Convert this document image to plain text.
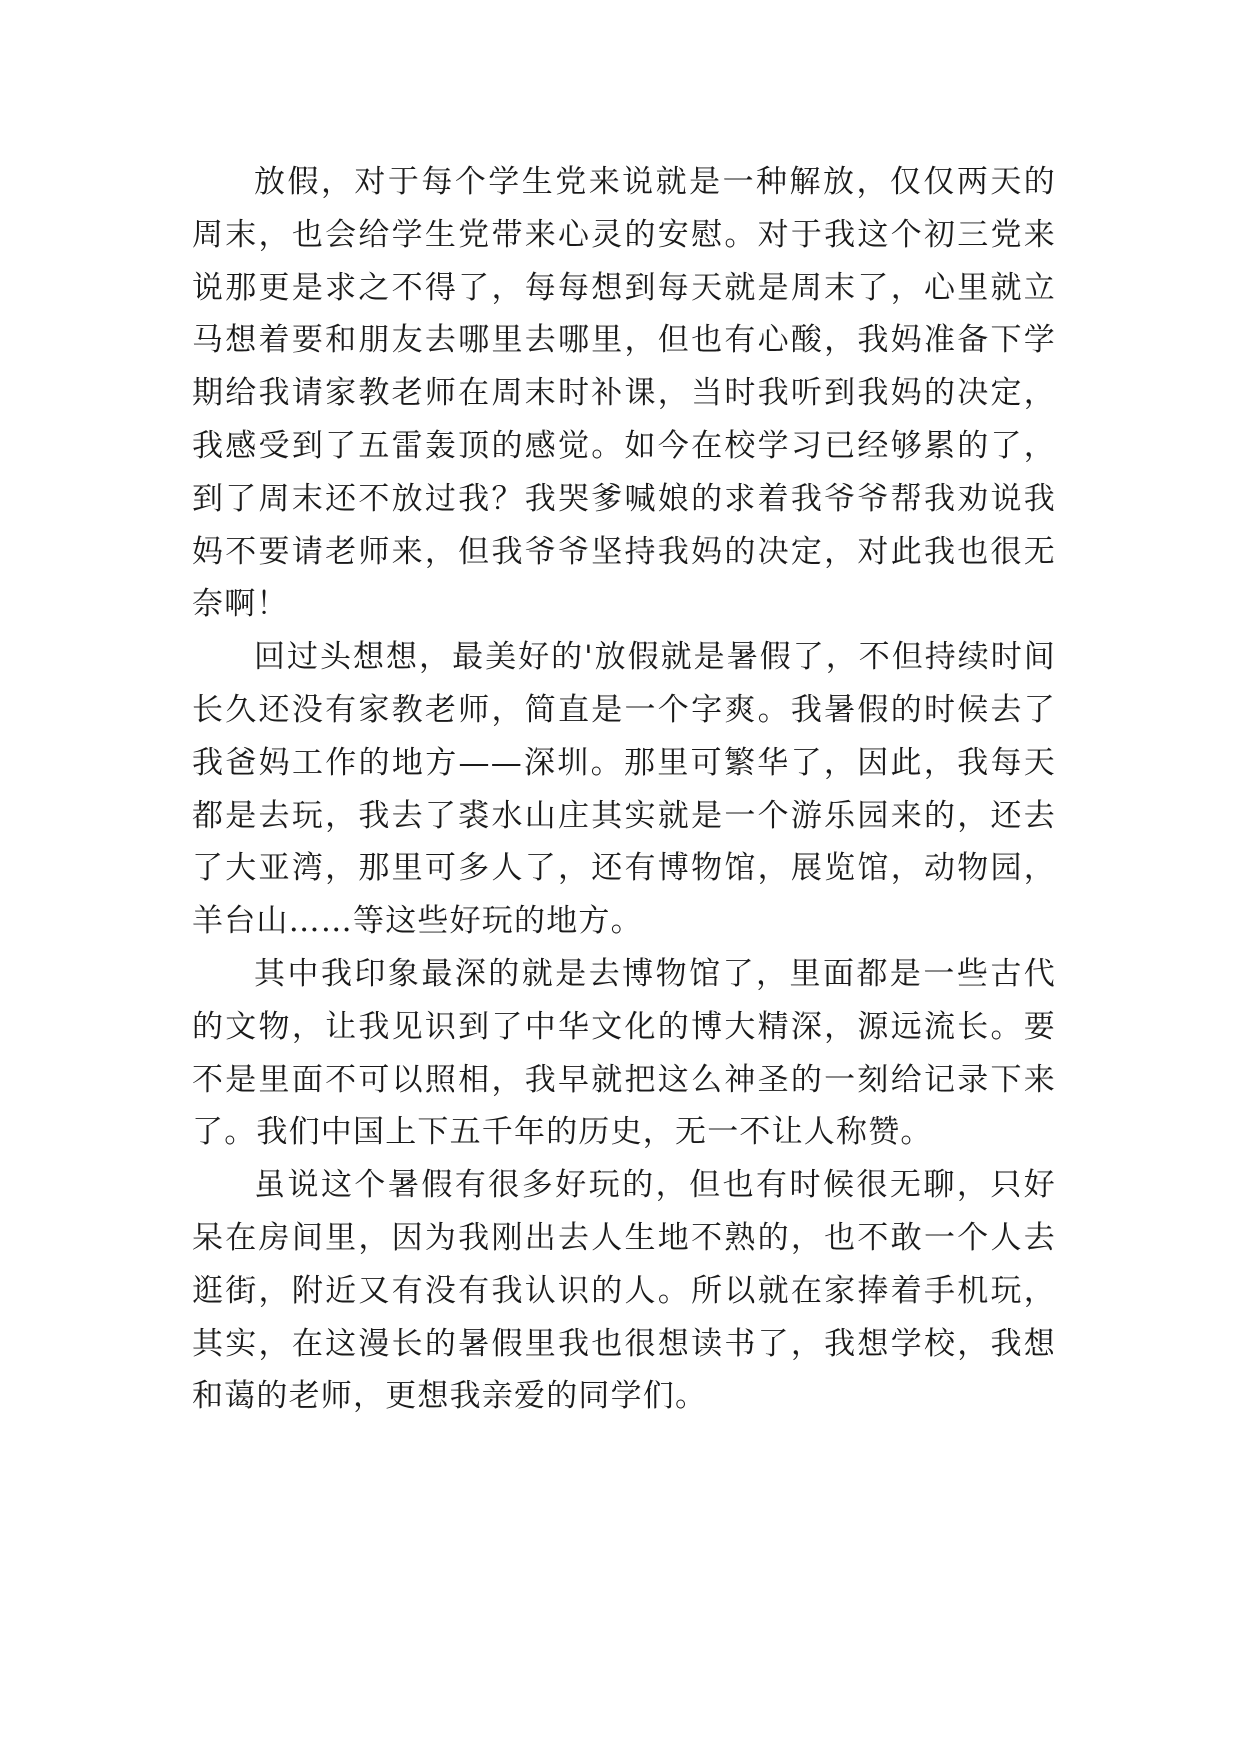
放假，对于每个学生党来说就是一种解放，仅仅两天的周末，也会给学生党带来心灵的安慰。对于我这个初三党来说那更是求之不得了，每每想到每天就是周末了，心里就立马想着要和朋友去哪里去哪里，但也有心酸，我妈准备下学期给我请家教老师在周末时补课，当时我听到我妈的决定，我感受到了五雷轰顶的感觉。如今在校学习已经够累的了，到了周末还不放过我？我哭爹喊娘的求着我爷爷帮我劝说我妈不要请老师来，但我爷爷坚持我妈的决定，对此我也很无奈啊！

回过头想想，最美好的'放假就是暑假了，不但持续时间长久还没有家教老师，简直是一个字爽。我暑假的时候去了我爸妈工作的地方——深圳。那里可繁华了，因此，我每天都是去玩，我去了裘水山庄其实就是一个游乐园来的，还去了大亚湾，那里可多人了，还有博物馆，展览馆，动物园，羊台山……等这些好玩的地方。

其中我印象最深的就是去博物馆了，里面都是一些古代的文物，让我见识到了中华文化的博大精深，源远流长。要不是里面不可以照相，我早就把这么神圣的一刻给记录下来了。我们中国上下五千年的历史，无一不让人称赞。

虽说这个暑假有很多好玩的，但也有时候很无聊，只好呆在房间里，因为我刚出去人生地不熟的，也不敢一个人去逛街，附近又有没有我认识的人。所以就在家捧着手机玩，其实，在这漫长的暑假里我也很想读书了，我想学校，我想和蔼的老师，更想我亲爱的同学们。
